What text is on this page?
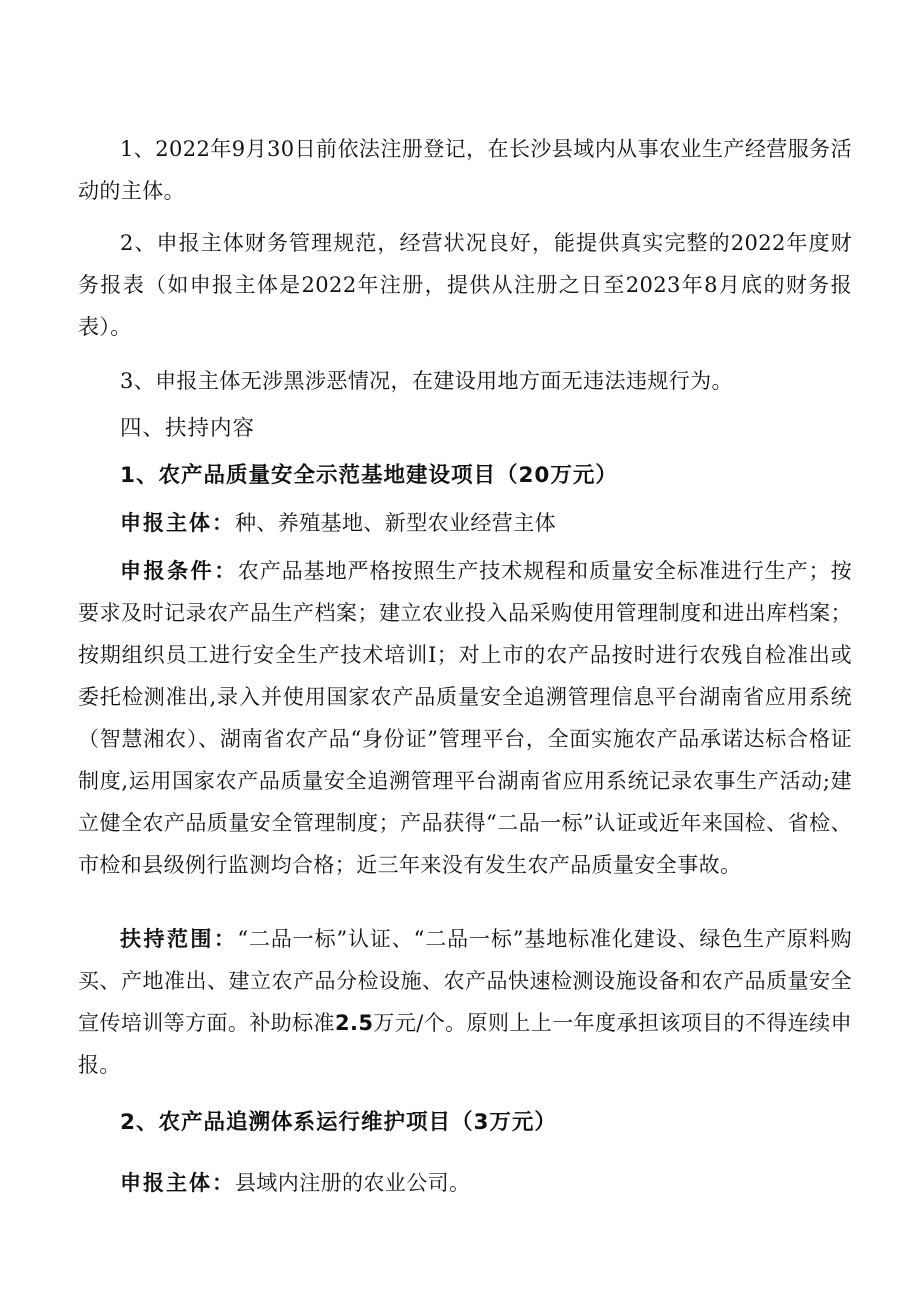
1、2022年9月30日前依法注册登记，在长沙县域内从事农业生产经营服务活动的主体。

2、申报主体财务管理规范，经营状况良好，能提供真实完整的2022年度财务报表（如申报主体是2022年注册，提供从注册之日至2023年8月底的财务报表）。

3、申报主体无涉黑涉恶情况，在建设用地方面无违法违规行为。

四、扶持内容

1、农产品质量安全示范基地建设项目（20万元）

申报主体：种、养殖基地、新型农业经营主体

申报条件：农产品基地严格按照生产技术规程和质量安全标准进行生产；按要求及时记录农产品生产档案；建立农业投入品采购使用管理制度和进出库档案；按期组织员工进行安全生产技术培训I；对上市的农产品按时进行农残自检准出或委托检测准出,录入并使用国家农产品质量安全追溯管理信息平台湖南省应用系统（智慧湘农）、湖南省农产品“身份证”管理平台，全面实施农产品承诺达标合格证制度,运用国家农产品质量安全追溯管理平台湖南省应用系统记录农事生产活动;建立健全农产品质量安全管理制度；产品获得“二品一标”认证或近年来国检、省检、市检和县级例行监测均合格；近三年来没有发生农产品质量安全事故。

扶持范围：“二品一标”认证、“二品一标”基地标准化建设、绿色生产原料购买、产地准出、建立农产品分检设施、农产品快速检测设施设备和农产品质量安全宣传培训等方面。补助标准2.5万元/个。原则上上一年度承担该项目的不得连续申报。

2、农产品追溯体系运行维护项目（3万元）

申报主体：县域内注册的农业公司。
